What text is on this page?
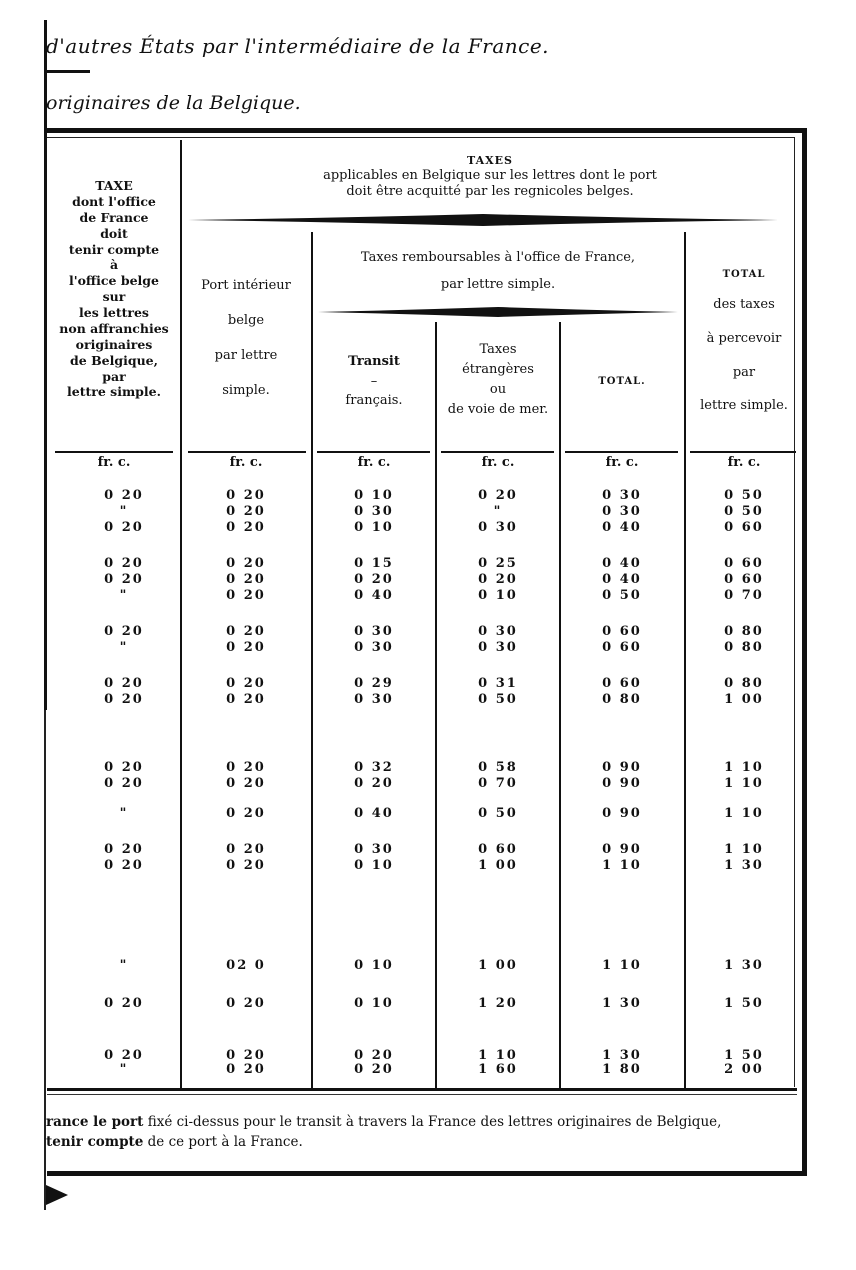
d'autres États par l'intermédiaire de la France.
originaires de la Belgique.
TAXE
dont l'office
de France
doit
tenir compte
à
l'office belge
sur
les lettres
non affranchies
originaires
de Belgique,
par
lettre simple.
TAXES
applicables en Belgique sur les lettres dont le port
doit être acquitté par les regnicoles belges.
Port intérieur
belge
par lettre
simple.
Taxes remboursables à l'office de France,
par lettre simple.
Transit
–
français.
Taxes
étrangères
ou
de voie de mer.
TOTAL.
TOTAL
des taxes
à percevoir
par
lettre simple.
fr. c.	fr. c.	fr. c.	fr. c.	fr. c.	fr. c.
0 20	0 20	0 10	0 20	0 30	0 50
"	0 20	0 30	"	0 30	0 50
0 20	0 20	0 10	0 30	0 40	0 60
0 20	0 20	0 15	0 25	0 40	0 60
0 20	0 20	0 20	0 20	0 40	0 60
"	0 20	0 40	0 10	0 50	0 70
0 20	0 20	0 30	0 30	0 60	0 80
"	0 20	0 30	0 30	0 60	0 80
0 20	0 20	0 29	0 31	0 60	0 80
0 20	0 20	0 30	0 50	0 80	1 00
0 20	0 20	0 32	0 58	0 90	1 10
0 20	0 20	0 20	0 70	0 90	1 10
"	0 20	0 40	0 50	0 90	1 10
0 20	0 20	0 30	0 60	0 90	1 10
0 20	0 20	0 10	1 00	1 10	1 30
"	02 0	0 10	1 00	1 10	1 30
0 20	0 20	0 10	1 20	1 30	1 50
0 20	0 20	0 20	1 10	1 30	1 50
"	0 20	0 20	1 60	1 80	2 00
rance le port fixé ci-dessus pour le transit à travers la France des lettres originaires de Belgique,
tenir compte de ce port à la France.
